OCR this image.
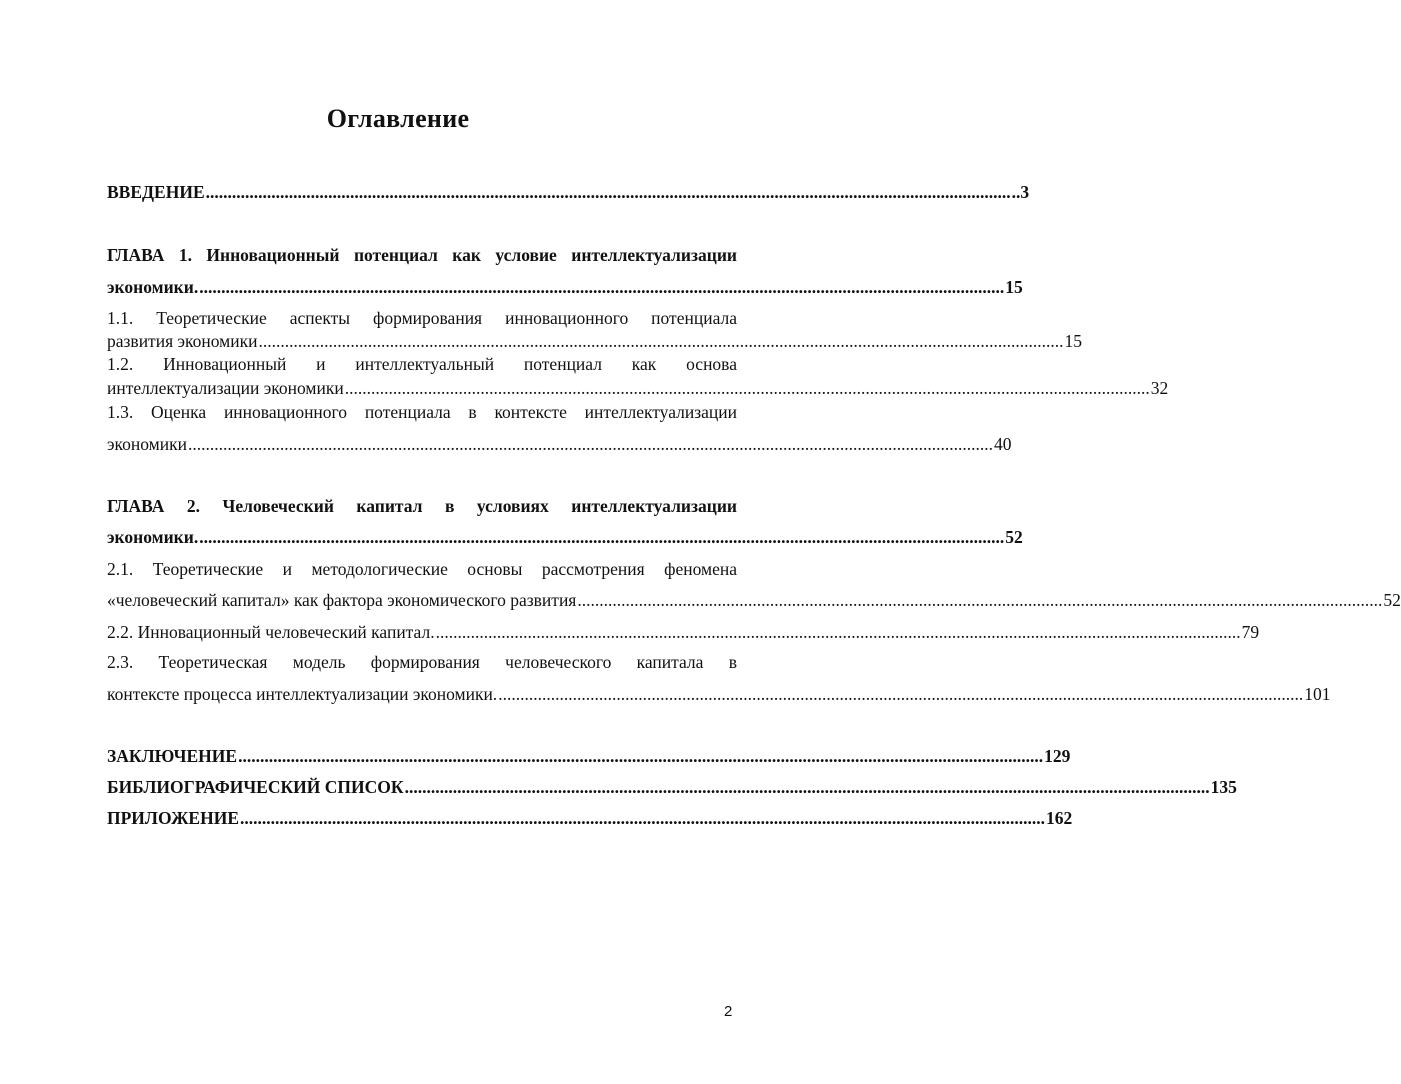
Оглавление
ВВЕДЕНИЕ ........................................................................................................................................................................................ ..3
ГЛАВА 1. Инновационный потенциал как условие интеллектуализации
экономики. ........................................................................................................................................................................................ 15
1.1. Теоретические аспекты формирования инновационного потенциала
развития экономики ........................................................................................................................................................................................ 15
1.2. Инновационный и интеллектуальный потенциал как основа
интеллектуализации экономики ........................................................................................................................................................................................ 32
1.3. Оценка инновационного потенциала в контексте интеллектуализации
экономики ........................................................................................................................................................................................ 40
ГЛАВА 2. Человеческий капитал в условиях интеллектуализации
экономики. ........................................................................................................................................................................................ 52
2.1. Теоретические и методологические основы рассмотрения феномена
«человеческий капитал» как фактора экономического развития ........................................................................................................................................................................................ 52
2.2. Инновационный человеческий капитал. ........................................................................................................................................................................................ 79
2.3. Теоретическая модель формирования человеческого капитала в
контексте процесса интеллектуализации экономики. ........................................................................................................................................................................................ 101
ЗАКЛЮЧЕНИЕ ........................................................................................................................................................................................ 129
БИБЛИОГРАФИЧЕСКИЙ СПИСОК ........................................................................................................................................................................................ 135
ПРИЛОЖЕНИЕ ........................................................................................................................................................................................ 162

2
